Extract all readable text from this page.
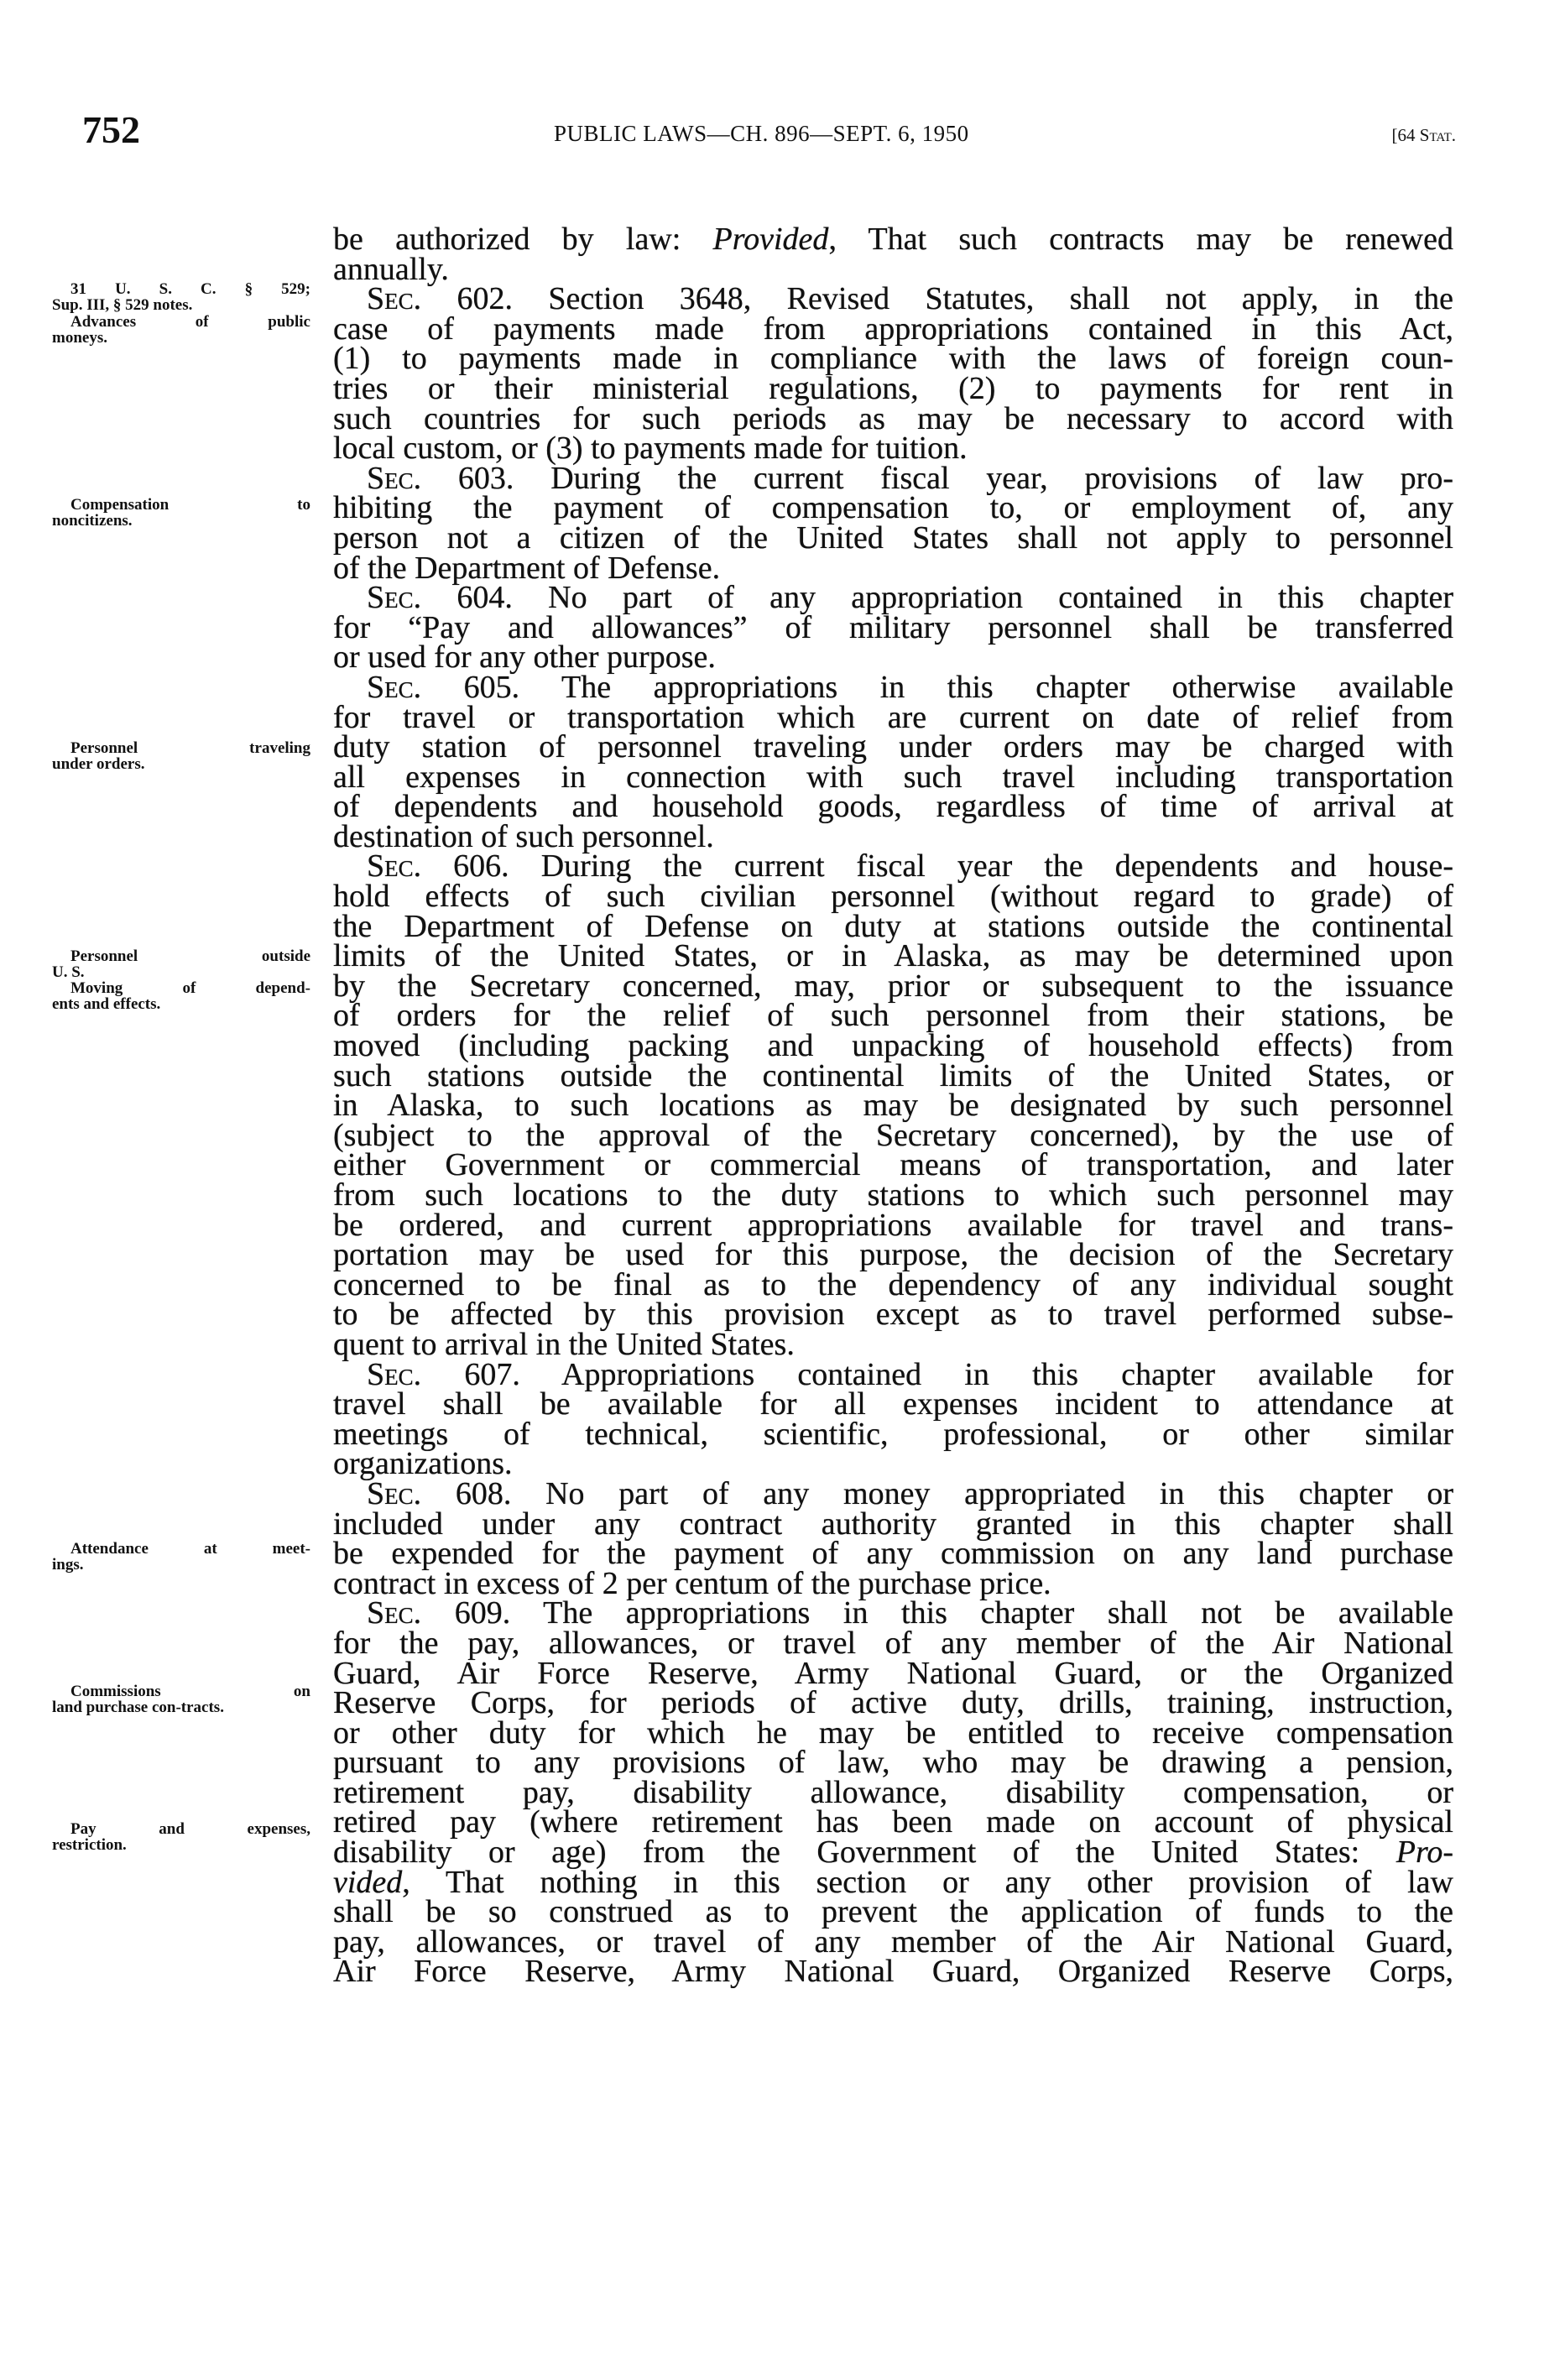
752	PUBLIC LAWS—CH. 896—SEPT. 6, 1950	[64 Stat.
31 U. S. C. § 529;
Sup. III, § 529 notes.
Advances of public
moneys.
Compensation to
noncitizens.
Personnel traveling
under orders.
Personnel outside
U. S.
Moving of depend-
ents and effects.
Attendance at meet-
ings.
Commissions on
land purchase con-tracts.
Pay and expenses,
restriction.
be authorized by law: Provided, That such contracts may be renewed
annually.
Sec. 602. Section 3648, Revised Statutes, shall not apply, in the
case of payments made from appropriations contained in this Act,
(1) to payments made in compliance with the laws of foreign coun-
tries or their ministerial regulations, (2) to payments for rent in
such countries for such periods as may be necessary to accord with
local custom, or (3) to payments made for tuition.
Sec. 603. During the current fiscal year, provisions of law pro-
hibiting the payment of compensation to, or employment of, any
person not a citizen of the United States shall not apply to personnel
of the Department of Defense.
Sec. 604. No part of any appropriation contained in this chapter
for “Pay and allowances” of military personnel shall be transferred
or used for any other purpose.
Sec. 605. The appropriations in this chapter otherwise available
for travel or transportation which are current on date of relief from
duty station of personnel traveling under orders may be charged with
all expenses in connection with such travel including transportation
of dependents and household goods, regardless of time of arrival at
destination of such personnel.
Sec. 606. During the current fiscal year the dependents and house-
hold effects of such civilian personnel (without regard to grade) of
the Department of Defense on duty at stations outside the continental
limits of the United States, or in Alaska, as may be determined upon
by the Secretary concerned, may, prior or subsequent to the issuance
of orders for the relief of such personnel from their stations, be
moved (including packing and unpacking of household effects) from
such stations outside the continental limits of the United States, or
in Alaska, to such locations as may be designated by such personnel
(subject to the approval of the Secretary concerned), by the use of
either Government or commercial means of transportation, and later
from such locations to the duty stations to which such personnel may
be ordered, and current appropriations available for travel and trans-
portation may be used for this purpose, the decision of the Secretary
concerned to be final as to the dependency of any individual sought
to be affected by this provision except as to travel performed subse-
quent to arrival in the United States.
Sec. 607. Appropriations contained in this chapter available for
travel shall be available for all expenses incident to attendance at
meetings of technical, scientific, professional, or other similar
organizations.
Sec. 608. No part of any money appropriated in this chapter or
included under any contract authority granted in this chapter shall
be expended for the payment of any commission on any land purchase
contract in excess of 2 per centum of the purchase price.
Sec. 609. The appropriations in this chapter shall not be available
for the pay, allowances, or travel of any member of the Air National
Guard, Air Force Reserve, Army National Guard, or the Organized
Reserve Corps, for periods of active duty, drills, training, instruction,
or other duty for which he may be entitled to receive compensation
pursuant to any provisions of law, who may be drawing a pension,
retirement pay, disability allowance, disability compensation, or
retired pay (where retirement has been made on account of physical
disability or age) from the Government of the United States: Pro-
vided, That nothing in this section or any other provision of law
shall be so construed as to prevent the application of funds to the
pay, allowances, or travel of any member of the Air National Guard,
Air Force Reserve, Army National Guard, Organized Reserve Corps,
